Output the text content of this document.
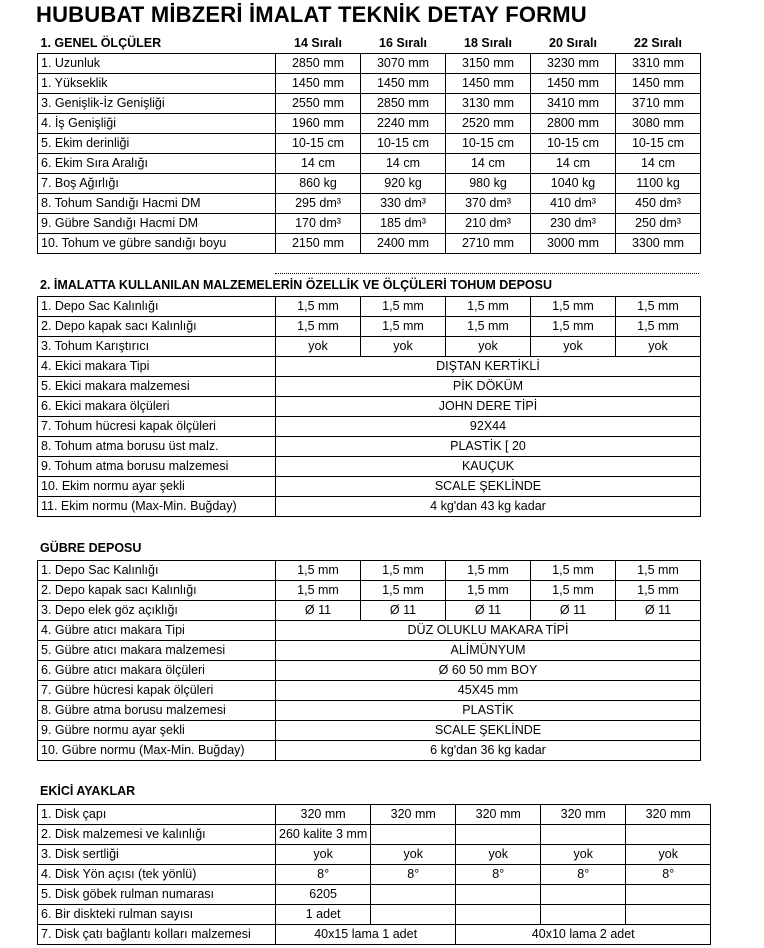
HUBUBAT MİBZERİ İMALAT TEKNİK DETAY FORMU
1. GENEL ÖLÇÜLER	14 Sıralı	16 Sıralı	18 Sıralı	20 Sıralı	22 Sıralı
1. Uzunluk	2850 mm	3070 mm	3150 mm	3230 mm	3310 mm
1. Yükseklik	1450 mm	1450 mm	1450 mm	1450 mm	1450 mm
3. Genişlik-İz Genişliği	2550 mm	2850 mm	3130 mm	3410 mm	3710 mm
4. İş Genişliği	1960 mm	2240 mm	2520 mm	2800 mm	3080 mm
5. Ekim derinliği	10-15 cm	10-15 cm	10-15 cm	10-15 cm	10-15 cm
6. Ekim Sıra Aralığı	14 cm	14 cm	14 cm	14 cm	14 cm
7. Boş Ağırlığı	860 kg	920 kg	980 kg	1040 kg	1100 kg
8. Tohum Sandığı Hacmi DM	295 dm³	330 dm³	370 dm³	410 dm³	450 dm³
9. Gübre Sandığı Hacmi DM	170 dm³	185 dm³	210 dm³	230 dm³	250 dm³
10. Tohum ve gübre sandığı boyu	2150 mm	2400 mm	2710 mm	3000 mm	3300 mm
2. İMALATTA KULLANILAN MALZEMELERİN ÖZELLİK VE ÖLÇÜLERİ TOHUM DEPOSU
1. Depo Sac Kalınlığı	1,5 mm	1,5 mm	1,5 mm	1,5 mm	1,5 mm
2. Depo kapak sacı Kalınlığı	1,5 mm	1,5 mm	1,5 mm	1,5 mm	1,5 mm
3. Tohum Karıştırıcı	yok	yok	yok	yok	yok
4. Ekici makara Tipi	DIŞTAN KERTİKLİ				
5. Ekici makara malzemesi	PİK DÖKÜM				
6. Ekici makara ölçüleri	JOHN DERE TİPİ				
7. Tohum hücresi kapak ölçüleri	92X44				
8. Tohum atma borusu üst malz.	PLASTİK [ 20				
9. Tohum atma borusu malzemesi	KAUÇUK				
10. Ekim normu ayar şekli	SCALE ŞEKLİNDE				
11. Ekim normu (Max-Min. Buğday)	4 kg'dan 43 kg kadar				
GÜBRE DEPOSU
1. Depo Sac Kalınlığı	1,5 mm	1,5 mm	1,5 mm	1,5 mm	1,5 mm
2. Depo kapak sacı Kalınlığı	1,5 mm	1,5 mm	1,5 mm	1,5 mm	1,5 mm
3. Depo elek göz açıklığı	Ø 11	Ø 11	Ø 11	Ø 11	Ø 11
4. Gübre atıcı makara Tipi	DÜZ OLUKLU MAKARA TİPİ				
5. Gübre atıcı makara malzemesi	ALİMÜNYUM				
6. Gübre atıcı makara ölçüleri	Ø 60 50 mm BOY				
7. Gübre hücresi kapak ölçüleri	45X45 mm				
8. Gübre atma borusu malzemesi	PLASTİK				
9. Gübre normu ayar şekli	SCALE ŞEKLİNDE				
10. Gübre normu (Max-Min. Buğday)	6 kg'dan 36 kg kadar				
EKİCİ AYAKLAR
1. Disk çapı	320 mm	320 mm	320 mm	320 mm	320 mm
2. Disk malzemesi ve kalınlığı	260 kalite 3 mm				
3. Disk sertliği	yok	yok	yok	yok	yok
4. Disk Yön açısı (tek yönlü)	8°	8°	8°	8°	8°
5. Disk göbek rulman numarası	6205				
6. Bir diskteki rulman sayısı	1 adet				
7. Disk çatı bağlantı kolları malzemesi	40x15 lama 1 adet		40x10 lama 2 adet		
